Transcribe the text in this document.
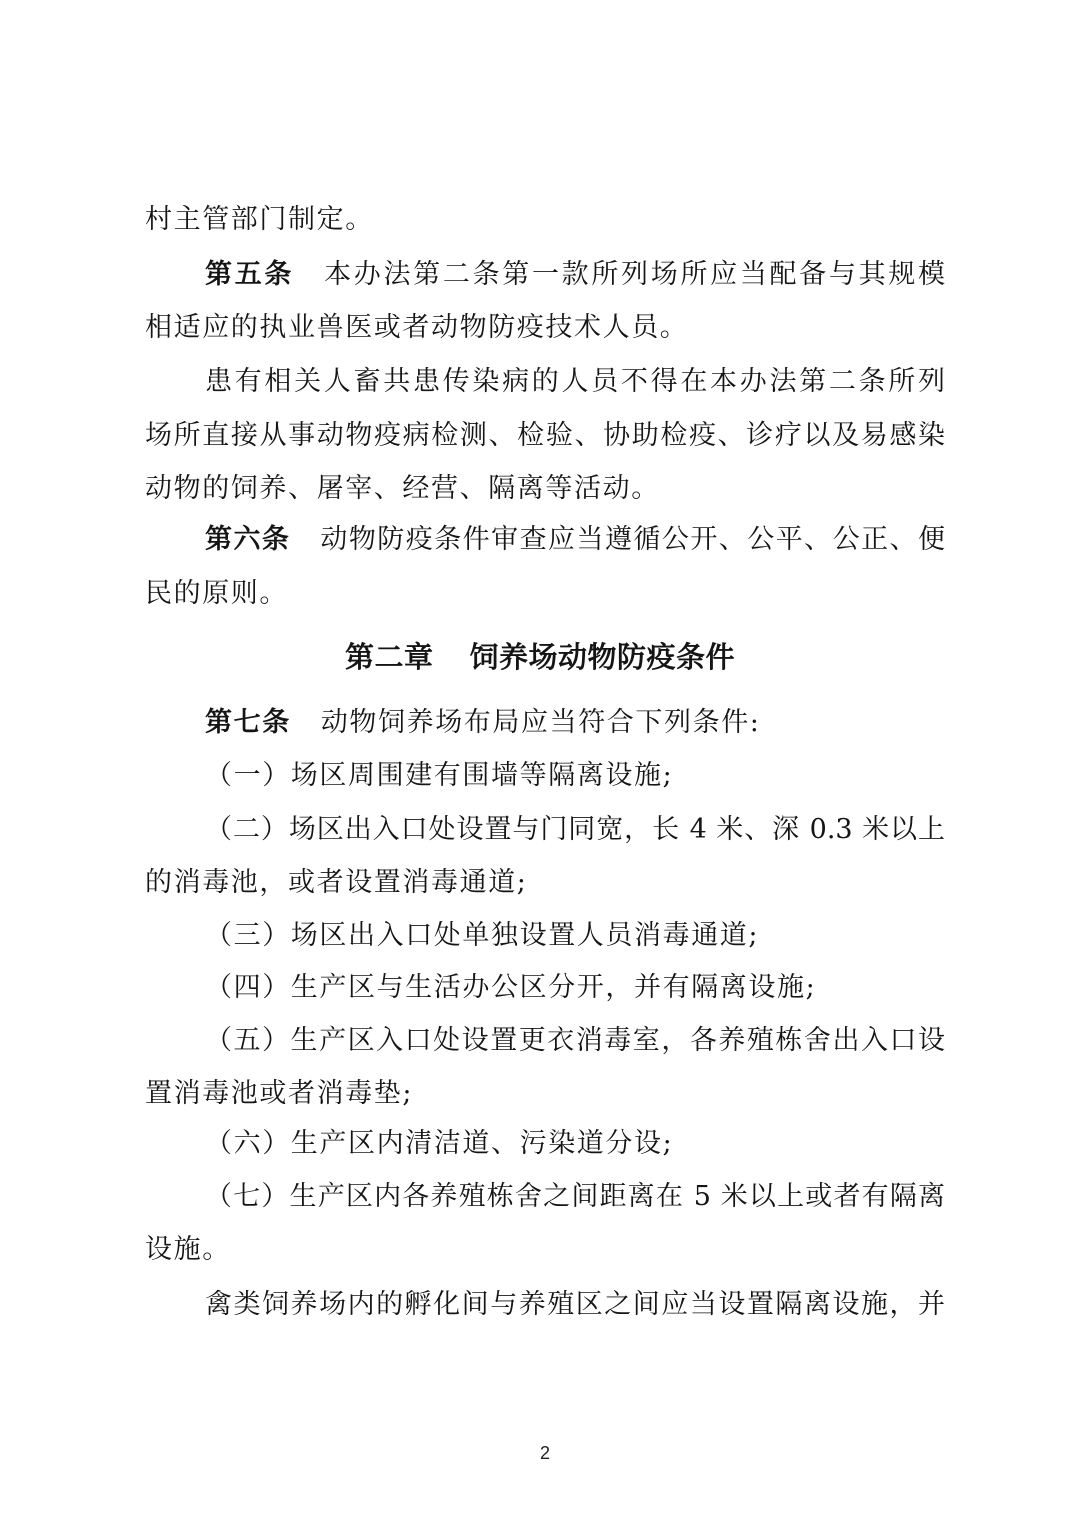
村主管部门制定。
第五条 本办法第二条第一款所列场所应当配备与其规模
相适应的执业兽医或者动物防疫技术人员。
患有相关人畜共患传染病的人员不得在本办法第二条所列
场所直接从事动物疫病检测、检验、协助检疫、诊疗以及易感染
动物的饲养、屠宰、经营、隔离等活动。
第六条 动物防疫条件审查应当遵循公开、公平、公正、便
民的原则。
第二章 饲养场动物防疫条件
第七条 动物饲养场布局应当符合下列条件:
（一）场区周围建有围墙等隔离设施;
（二）场区出入口处设置与门同宽，长 4 米、深 0.3 米以上
的消毒池，或者设置消毒通道;
（三）场区出入口处单独设置人员消毒通道;
（四）生产区与生活办公区分开，并有隔离设施;
（五）生产区入口处设置更衣消毒室，各养殖栋舍出入口设
置消毒池或者消毒垫;
（六）生产区内清洁道、污染道分设;
（七）生产区内各养殖栋舍之间距离在 5 米以上或者有隔离
设施。
禽类饲养场内的孵化间与养殖区之间应当设置隔离设施，并
2
